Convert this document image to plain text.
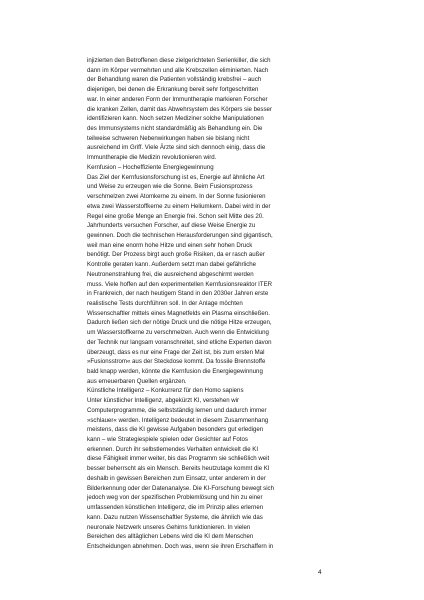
injizierten den Betroffenen diese zielgerichteten Serienkiller, die sich
dann im Körper vermehrten und alle Krebszellen eliminierten. Nach
der Behandlung waren die Patienten vollständig krebsfrei – auch
diejenigen, bei denen die Erkrankung bereit sehr fortgeschritten
war. In einer anderen Form der Immuntherapie markieren Forscher
die kranken Zellen, damit das Abwehrsystem des Körpers sie besser
identifizieren kann. Noch setzen Mediziner solche Manipulationen
des Immunsystems nicht standardmäßig als Behandlung ein. Die
teilweise schweren Nebenwirkungen haben sie bislang nicht
ausreichend im Griff. Viele Ärzte sind sich dennoch einig, dass die
Immuntherapie die Medizin revolutionieren wird.
Kernfusion – Hocheffiziente Energiegewinnung
Das Ziel der Kernfusionsforschung ist es, Energie auf ähnliche Art
und Weise zu erzeugen wie die Sonne. Beim Fusionsprozess
verschmelzen zwei Atomkerne zu einem. In der Sonne fusionieren
etwa zwei Wasserstoffkerne zu einem Heliumkern. Dabei wird in der
Regel eine große Menge an Energie frei. Schon seit Mitte des 20.
Jahrhunderts versuchen Forscher, auf diese Weise Energie zu
gewinnen. Doch die technischen Herausforderungen sind gigantisch,
weil man eine enorm hohe Hitze und einen sehr hohen Druck
benötigt. Der Prozess birgt auch große Risiken, da er rasch außer
Kontrolle geraten kann. Außerdem setzt man dabei gefährliche
Neutronenstrahlung frei, die ausreichend abgeschirmt werden
muss. Viele hoffen auf den experimentellen Kernfusionsreaktor ITER
in Frankreich, der nach heutigem Stand in den 2030er Jahren erste
realistische Tests durchführen soll. In der Anlage möchten
Wissenschaftler mittels eines Magnetfelds ein Plasma einschließen.
Dadurch ließen sich der nötige Druck und die nötige Hitze erzeugen,
um Wasserstoffkerne zu verschmelzen. Auch wenn die Entwicklung
der Technik nur langsam voranschreitet, sind etliche Experten davon
überzeugt, dass es nur eine Frage der Zeit ist, bis zum ersten Mal
»Fusionsstrom« aus der Steckdose kommt. Da fossile Brennstoffe
bald knapp werden, könnte die Kernfusion die Energiegewinnung
aus erneuerbaren Quellen ergänzen.
Künstliche Intelligenz – Konkurrenz für den Homo sapiens
Unter künstlicher Intelligenz, abgekürzt KI, verstehen wir
Computerprogramme, die selbstständig lernen und dadurch immer
»schlauer« werden. Intelligenz bedeutet in diesem Zusammenhang
meistens, dass die KI gewisse Aufgaben besonders gut erledigen
kann – wie Strategiespiele spielen oder Gesichter auf Fotos
erkennen. Durch ihr selbstlernendes Verhalten entwickelt die KI
diese Fähigkeit immer weiter, bis das Programm sie schließlich weit
besser beherrscht als ein Mensch. Bereits heutzutage kommt die KI
deshalb in gewissen Bereichen zum Einsatz, unter anderem in der
Bilderkennung oder der Datenanalyse. Die KI-Forschung bewegt sich
jedoch weg von der spezifischen Problemlösung und hin zu einer
umfassenden künstlichen Intelligenz, die im Prinzip alles erlernen
kann. Dazu nutzen Wissenschaftler Systeme, die ähnlich wie das
neuronale Netzwerk unseres Gehirns funktionieren. In vielen
Bereichen des alltäglichen Lebens wird die KI dem Menschen
Entscheidungen abnehmen. Doch was, wenn sie ihren Erschaffern in
4
